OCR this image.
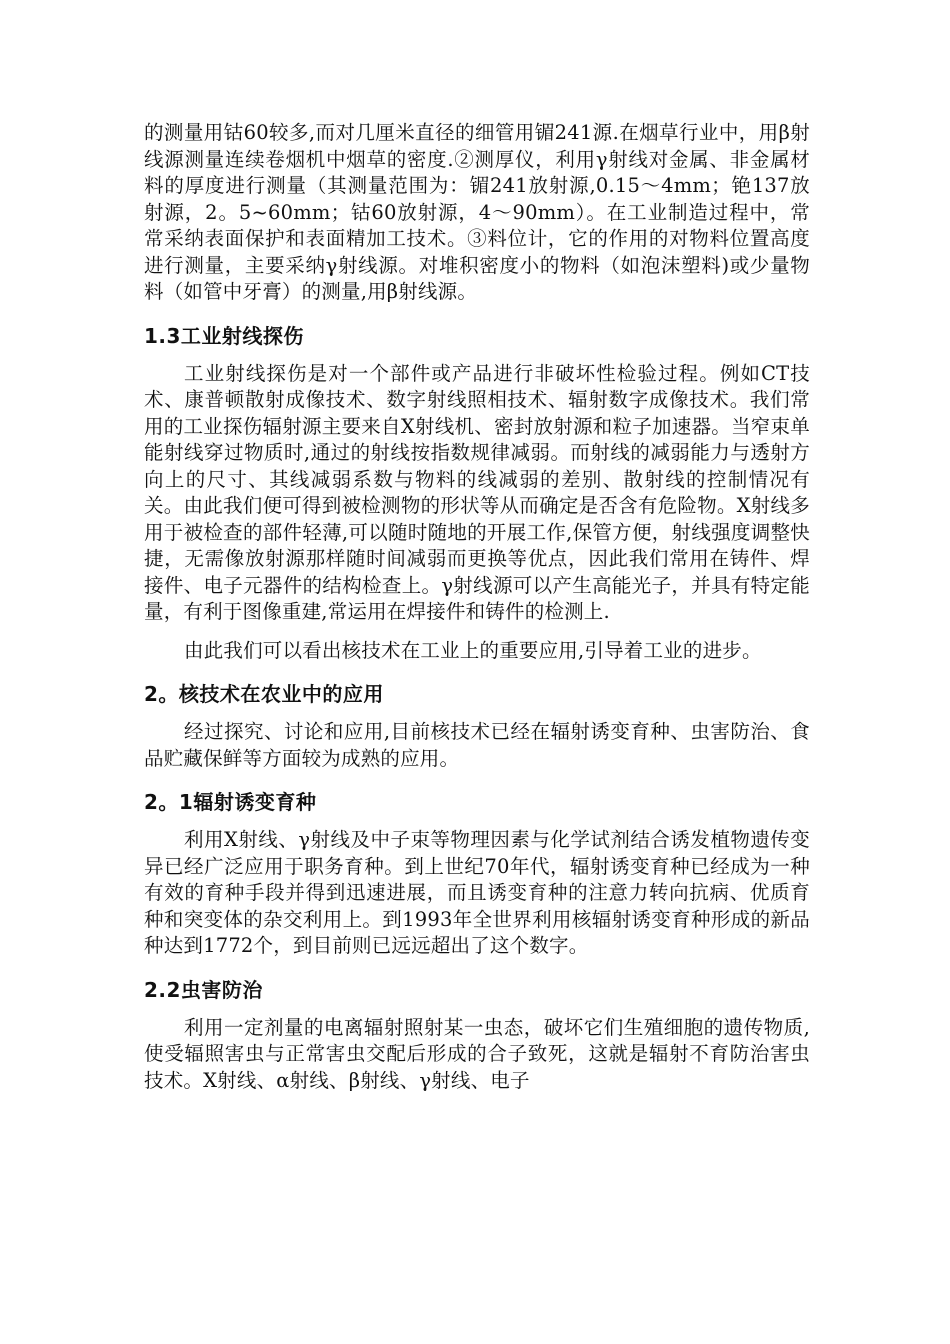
的测量用钴60较多,而对几厘米直径的细管用镅241源.在烟草行业中，用β射线源测量连续卷烟机中烟草的密度.②测厚仪，利用γ射线对金属、非金属材料的厚度进行测量（其测量范围为：镅241放射源,0.15～4mm；铯137放射源，2。5~60mm；钴60放射源，4～90mm）。在工业制造过程中，常常采纳表面保护和表面精加工技术。③料位计，它的作用的对物料位置高度进行测量，主要采纳γ射线源。对堆积密度小的物料（如泡沫塑料)或少量物料（如管中牙膏）的测量,用β射线源。

1.3工业射线探伤

工业射线探伤是对一个部件或产品进行非破坏性检验过程。例如CT技术、康普顿散射成像技术、数字射线照相技术、辐射数字成像技术。我们常用的工业探伤辐射源主要来自X射线机、密封放射源和粒子加速器。当窄束单能射线穿过物质时,通过的射线按指数规律减弱。而射线的减弱能力与透射方向上的尺寸、其线减弱系数与物料的线减弱的差别、散射线的控制情况有关。由此我们便可得到被检测物的形状等从而确定是否含有危险物。X射线多用于被检查的部件轻薄,可以随时随地的开展工作,保管方便，射线强度调整快捷，无需像放射源那样随时间减弱而更换等优点，因此我们常用在铸件、焊接件、电子元器件的结构检查上。γ射线源可以产生高能光子，并具有特定能量，有利于图像重建,常运用在焊接件和铸件的检测上.

由此我们可以看出核技术在工业上的重要应用,引导着工业的进步。

2。核技术在农业中的应用

经过探究、讨论和应用,目前核技术已经在辐射诱变育种、虫害防治、食品贮藏保鲜等方面较为成熟的应用。

2。1辐射诱变育种

利用X射线、γ射线及中子束等物理因素与化学试剂结合诱发植物遗传变异已经广泛应用于职务育种。到上世纪70年代，辐射诱变育种已经成为一种有效的育种手段并得到迅速进展，而且诱变育种的注意力转向抗病、优质育种和突变体的杂交利用上。到1993年全世界利用核辐射诱变育种形成的新品种达到1772个，到目前则已远远超出了这个数字。

2.2虫害防治

利用一定剂量的电离辐射照射某一虫态，破坏它们生殖细胞的遗传物质,使受辐照害虫与正常害虫交配后形成的合子致死，这就是辐射不育防治害虫技术。X射线、α射线、β射线、γ射线、电子
